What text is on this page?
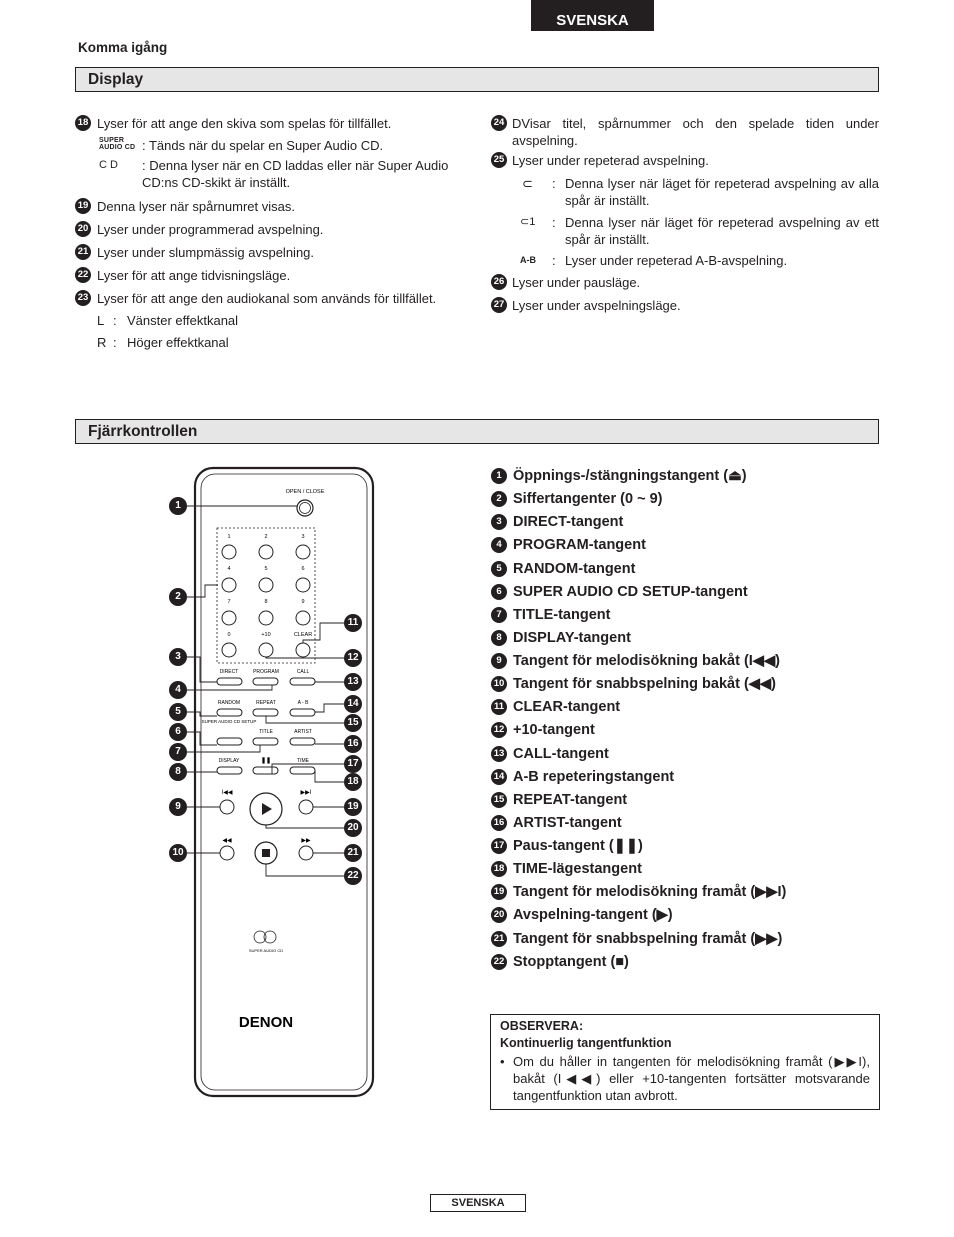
SVENSKA
Komma igång
Display
18 Lyser för att ange den skiva som spelas för tillfället.
SUPER
AUDIO CD : Tänds när du spelar en Super Audio CD.
C D : Denna lyser när en CD laddas eller när Super Audio CD:ns CD-skikt är inställt.
19 Denna lyser när spårnumret visas.
20 Lyser under programmerad avspelning.
21 Lyser under slumpmässig avspelning.
22 Lyser för att ange tidvisningsläge.
23 Lyser för att ange den audiokanal som används för tillfället.
L : Vänster effektkanal
R : Höger effektkanal
24 DVisar titel, spårnummer och den spelade tiden under avspelning.
25 Lyser under repeterad avspelning.
⊂ : Denna lyser när läget för repeterad avspelning av alla spår är inställt.
⊂1 : Denna lyser när läget för repeterad avspelning av ett spår är inställt.
A-B : Lyser under repeterad A-B-avspelning.
26 Lyser under pausläge.
27 Lyser under avspelningsläge.
Fjärrkontrollen
OPEN / CLOSE
1	2	3
4	5	6
7	8	9
0	+10	CLEAR
DIRECT	PROGRAM	CALL
RANDOM	REPEAT	A - B
SUPER AUDIO CD SETUP
TITLE	ARTIST
DISPLAY	TIME
❚❚
I◀◀	▶▶I
◀◀	▶▶
SUPER AUDIO CD
DENON
1
2
3
4
5
6
7
8
9
10
11
12
13
14
15
16
17
18
19
20
21
22
1 Öppnings-/stängningstangent (⏏)
2 Siffertangenter (0 ~ 9)
3 DIRECT-tangent
4 PROGRAM-tangent
5 RANDOM-tangent
6 SUPER AUDIO CD SETUP-tangent
7 TITLE-tangent
8 DISPLAY-tangent
9 Tangent för melodisökning bakåt (I◀◀)
10 Tangent för snabbspelning bakåt (◀◀)
11 CLEAR-tangent
12 +10-tangent
13 CALL-tangent
14 A-B repeteringstangent
15 REPEAT-tangent
16 ARTIST-tangent
17 Paus-tangent (❚❚)
18 TIME-lägestangent
19 Tangent för melodisökning framåt (▶▶I)
20 Avspelning-tangent (▶)
21 Tangent för snabbspelning framåt (▶▶)
22 Stopptangent (■)
OBSERVERA:
Kontinuerlig tangentfunktion
• Om du håller in tangenten för melodisökning framåt (▶▶I), bakåt (I◀◀) eller +10-tangenten fortsätter motsvarande tangentfunktion utan avbrott.
SVENSKA
